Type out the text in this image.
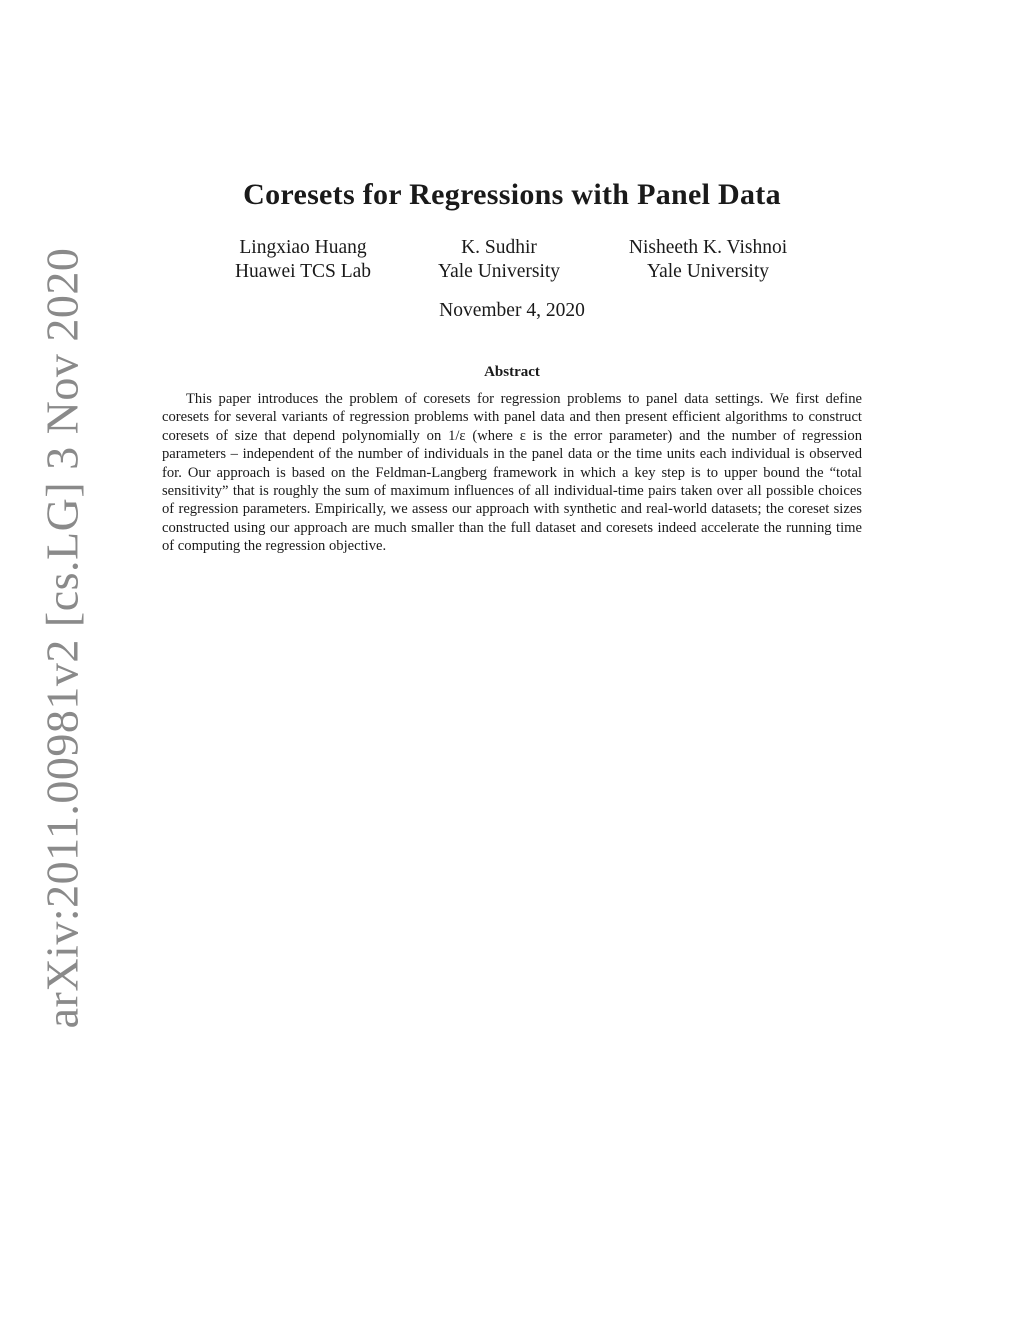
arXiv:2011.00981v2 [cs.LG] 3 Nov 2020
Coresets for Regressions with Panel Data
Lingxiao Huang
Huawei TCS Lab
K. Sudhir
Yale University
Nisheeth K. Vishnoi
Yale University
November 4, 2020
Abstract

This paper introduces the problem of coresets for regression problems to panel data settings. We first define coresets for several variants of regression problems with panel data and then present efficient algorithms to construct coresets of size that depend polynomially on 1/ε (where ε is the error parameter) and the number of regression parameters – independent of the number of individuals in the panel data or the time units each individual is observed for. Our approach is based on the Feldman-Langberg framework in which a key step is to upper bound the “total sensitivity” that is roughly the sum of maximum influences of all individual-time pairs taken over all possible choices of regression parameters. Empirically, we assess our approach with synthetic and real-world datasets; the coreset sizes constructed using our approach are much smaller than the full dataset and coresets indeed accelerate the running time of computing the regression objective.
